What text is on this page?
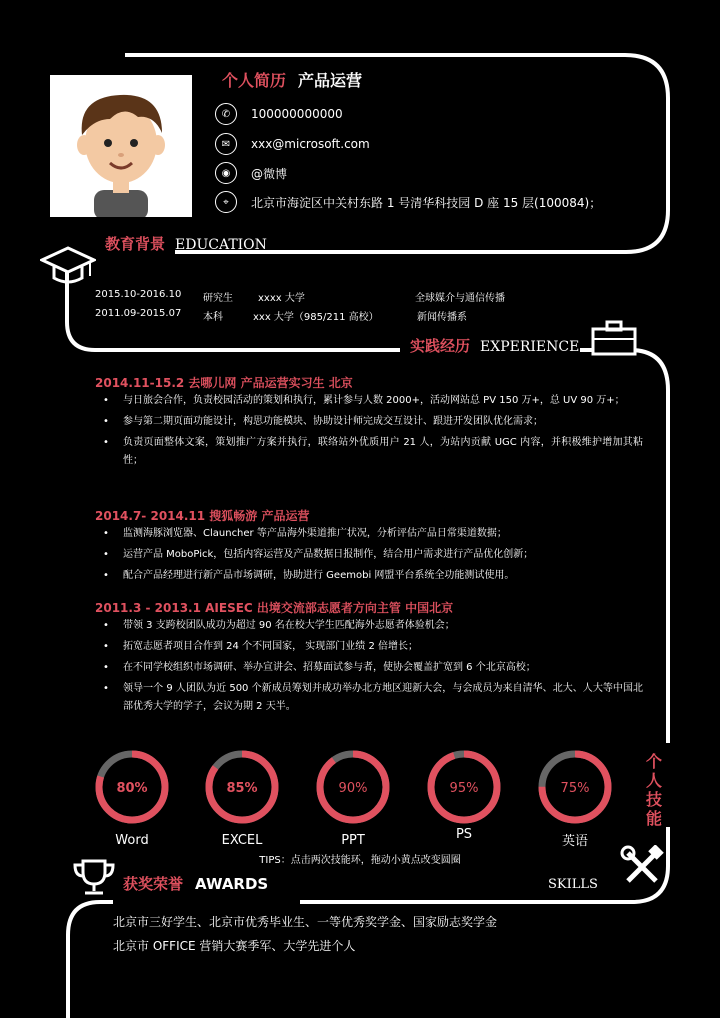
个人简历 产品运营
✆	100000000000
✉	xxx@microsoft.com
◉	@微博
⌖	北京市海淀区中关村东路 1 号清华科技园 D 座 15 层(100084)；
教育背景 EDUCATION
2015.10-2016.10	研究生	xxxx 大学	全球媒介与通信传播
2011.09-2015.07	本科	xxx 大学（985/211 高校）	新闻传播系
实践经历 EXPERIENCE
2014.11-15.2 去哪儿网 产品运营实习生 北京
• 与日旅会合作，负责校园活动的策划和执行，累计参与人数 2000+，活动网站总 PV 150 万+，总 UV 90 万+；
• 参与第二期页面功能设计，构思功能模块、协助设计师完成交互设计、跟进开发团队优化需求；
• 负责页面整体文案，策划推广方案并执行，联络站外优质用户 21 人，为站内贡献 UGC 内容，并积极维护增加其粘性；
2014.7- 2014.11 搜狐畅游 产品运营
• 监测海豚浏览器、Clauncher 等产品海外渠道推广状况，分析评估产品日常渠道数据；
• 运营产品 MoboPick，包括内容运营及产品数据日报制作，结合用户需求进行产品优化创新；
• 配合产品经理进行新产品市场调研，协助进行 Geemobi 网盟平台系统全功能测试使用。
2011.3 - 2013.1 AIESEC 出境交流部志愿者方向主管 中国北京
• 带领 3 支跨校团队成功为超过 90 名在校大学生匹配海外志愿者体验机会；
• 拓宽志愿者项目合作到 24 个不同国家， 实现部门业绩 2 倍增长；
• 在不同学校组织市场调研、举办宣讲会、招募面试参与者，使协会覆盖扩宽到 6 个北京高校；
• 领导一个 9 人团队为近 500 个新成员筹划并成功举办北方地区迎新大会，与会成员为来自清华、北大、人大等中国北部优秀大学的学子，会议为期 2 天半。
80%
Word
85%
EXCEL
90%
PPT
95%
PS
75%
英语
个人技能
TIPS：点击两次技能环，拖动小黄点改变圆圈
SKILLS
获奖荣誉 AWARDS
北京市三好学生、北京市优秀毕业生、一等优秀奖学金、国家励志奖学金
北京市 OFFICE 营销大赛季军、大学先进个人
